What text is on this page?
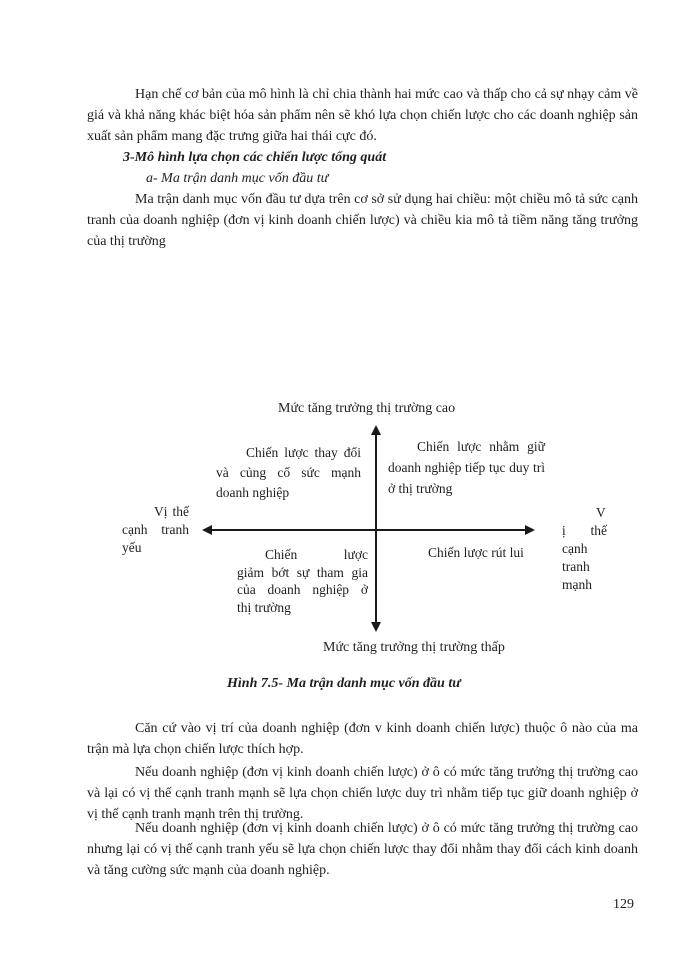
Hạn chế cơ bản của mô hình là chỉ chia thành hai mức cao và thấp cho cả sự nhạy cảm về giá và khả năng khác biệt hóa sản phẩm nên sẽ khó lựa chọn chiến lược cho các doanh nghiệp sản xuất sản phẩm mang đặc trưng giữa hai thái cực đó.

3-Mô hình lựa chọn các chiến lược tổng quát
a- Ma trận danh mục vốn đầu tư

Ma trận danh mục vốn đầu tư dựa trên cơ sở sử dụng hai chiều: một chiều mô tả sức cạnh tranh của doanh nghiệp (đơn vị kinh doanh chiến lược) và chiều kia mô tả tiềm năng tăng trưởng của thị trường

Mức tăng trưởng thị trường cao
Chiến lược thay đổi
và củng cố sức mạnh
doanh nghiệp
Chiến lược nhằm giữ
doanh nghiệp tiếp tục duy trì
ở thị trường
Vị thế
cạnh tranh
yếu
V
ị thế
cạnh
tranh
mạnh
Chiến lược
giảm bớt sự tham gia
của doanh nghiệp ở
thị trường
Chiến lược rút lui
Mức tăng trưởng thị trường thấp
Hình 7.5- Ma trận danh mục vốn đầu tư

Căn cứ vào vị trí của doanh nghiệp (đơn v kinh doanh chiến lược) thuộc ô nào của ma trận mà lựa chọn chiến lược thích hợp.

Nếu doanh nghiệp (đơn vị kinh doanh chiến lược) ở ô có mức tăng trưởng thị trường cao và lại có vị thế cạnh tranh mạnh sẽ lựa chọn chiến lược duy trì nhằm tiếp tục giữ doanh nghiệp ở vị thế cạnh tranh mạnh trên thị trường.

Nếu doanh nghiệp (đơn vị kinh doanh chiến lược) ở ô có mức tăng trưởng thị trường cao nhưng lại có vị thế cạnh tranh yếu sẽ lựa chọn chiến lược thay đổi nhằm thay đổi cách kinh doanh và tăng cường sức mạnh của doanh nghiệp.

129
